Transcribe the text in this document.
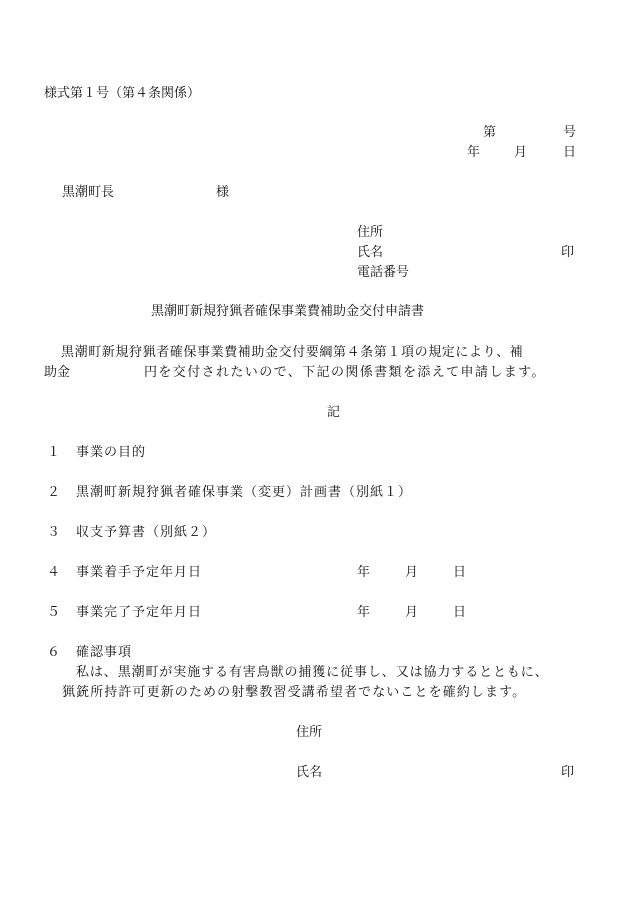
様式第１号（第４条関係）
第	号
年	月	日
黒潮町長	様
住所
氏名	印
電話番号
黒潮町新規狩猟者確保事業費補助金交付申請書
黒潮町新規狩猟者確保事業費補助金交付要綱第４条第１項の規定により、補
助金	円を交付されたいので、下記の関係書類を添えて申請します。
記
１ 事業の目的
２ 黒潮町新規狩猟者確保事業（変更）計画書（別紙１）
３ 収支予算書（別紙２）
４ 事業着手予定年月日	年	月	日
５ 事業完了予定年月日	年	月	日
６ 確認事項
私は、黒潮町が実施する有害鳥獣の捕獲に従事し、又は協力するとともに、
猟銃所持許可更新のための射撃教習受講希望者でないことを確約します。
住所
氏名	印
